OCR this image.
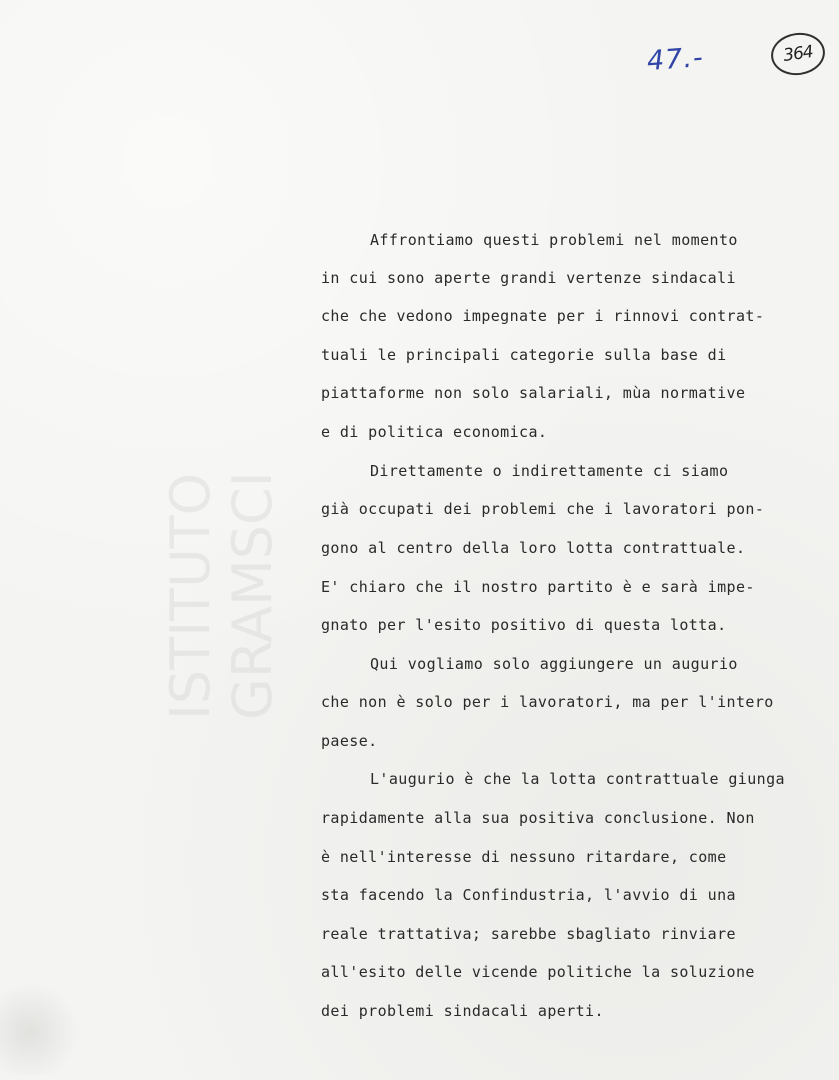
47.-	364
ISTITUTO GRAMSCI
Affrontiamo questi problemi nel momento
in cui sono aperte grandi vertenze sindacali
che che vedono impegnate per i rinnovi contrat-
tuali le principali categorie sulla base di
piattaforme non solo salariali, mùa normative
e di politica economica.
Direttamente o indirettamente ci siamo
già occupati dei problemi che i lavoratori pon-
gono al centro della loro lotta contrattuale.
E' chiaro che il nostro partito è e sarà impe-
gnato per l'esito positivo di questa lotta.
Qui vogliamo solo aggiungere un augurio
che non è solo per i lavoratori, ma per l'intero
paese.
L'augurio è che la lotta contrattuale giunga
rapidamente alla sua positiva conclusione. Non
è nell'interesse di nessuno ritardare, come
sta facendo la Confindustria, l'avvio di una
reale trattativa; sarebbe sbagliato rinviare
all'esito delle vicende politiche la soluzione
dei problemi sindacali aperti.
